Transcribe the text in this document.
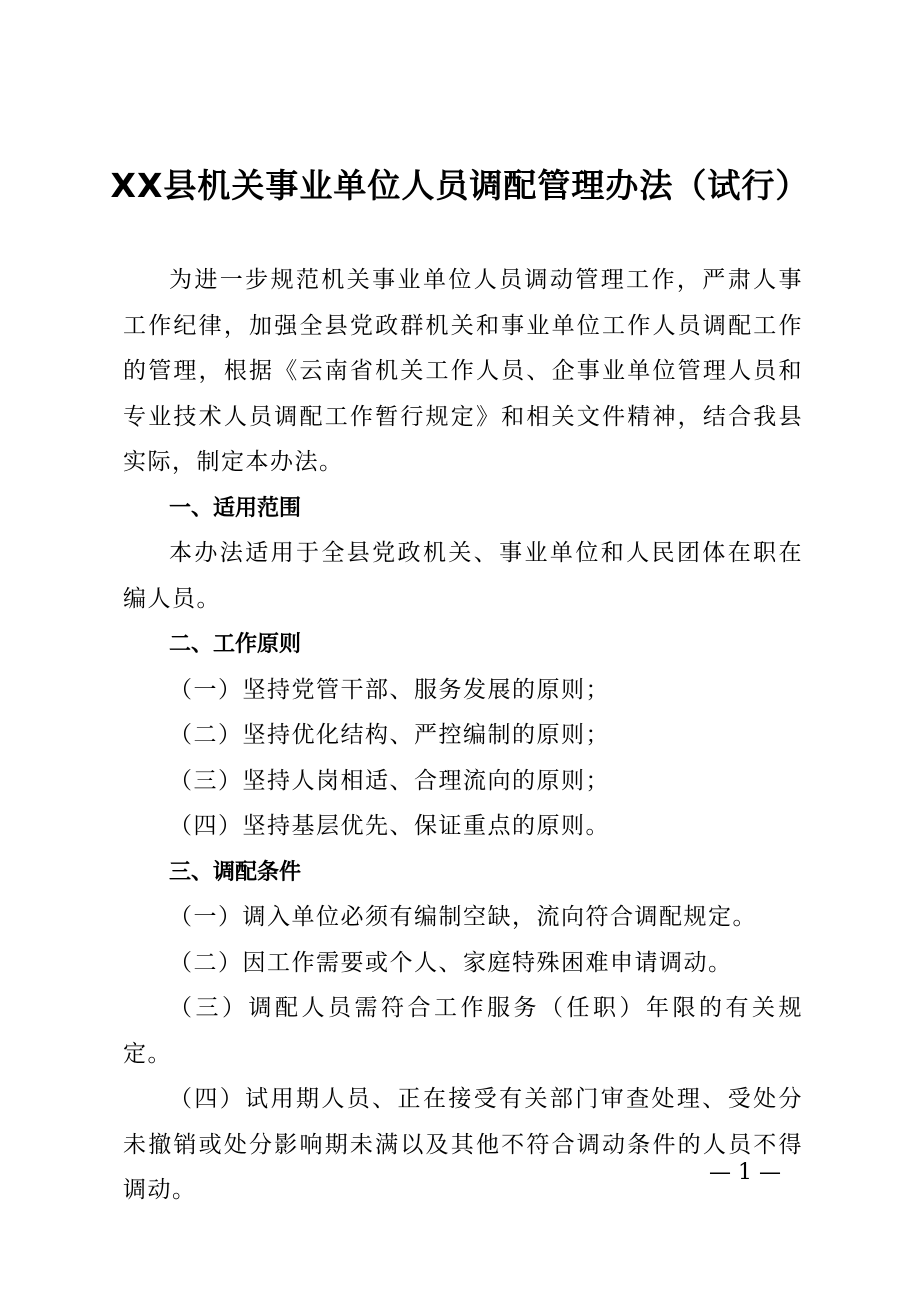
XX县机关事业单位人员调配管理办法（试行）

为进一步规范机关事业单位人员调动管理工作，严肃人事工作纪律，加强全县党政群机关和事业单位工作人员调配工作的管理，根据《云南省机关工作人员、企事业单位管理人员和专业技术人员调配工作暂行规定》和相关文件精神，结合我县实际，制定本办法。

一、适用范围

本办法适用于全县党政机关、事业单位和人民团体在职在编人员。

二、工作原则

（一）坚持党管干部、服务发展的原则；

（二）坚持优化结构、严控编制的原则；

（三）坚持人岗相适、合理流向的原则；

（四）坚持基层优先、保证重点的原则。

三、调配条件

（一）调入单位必须有编制空缺，流向符合调配规定。

（二）因工作需要或个人、家庭特殊困难申请调动。

（三）调配人员需符合工作服务（任职）年限的有关规定。

（四）试用期人员、正在接受有关部门审查处理、受处分未撤销或处分影响期未满以及其他不符合调动条件的人员不得调动。

— 1 —
